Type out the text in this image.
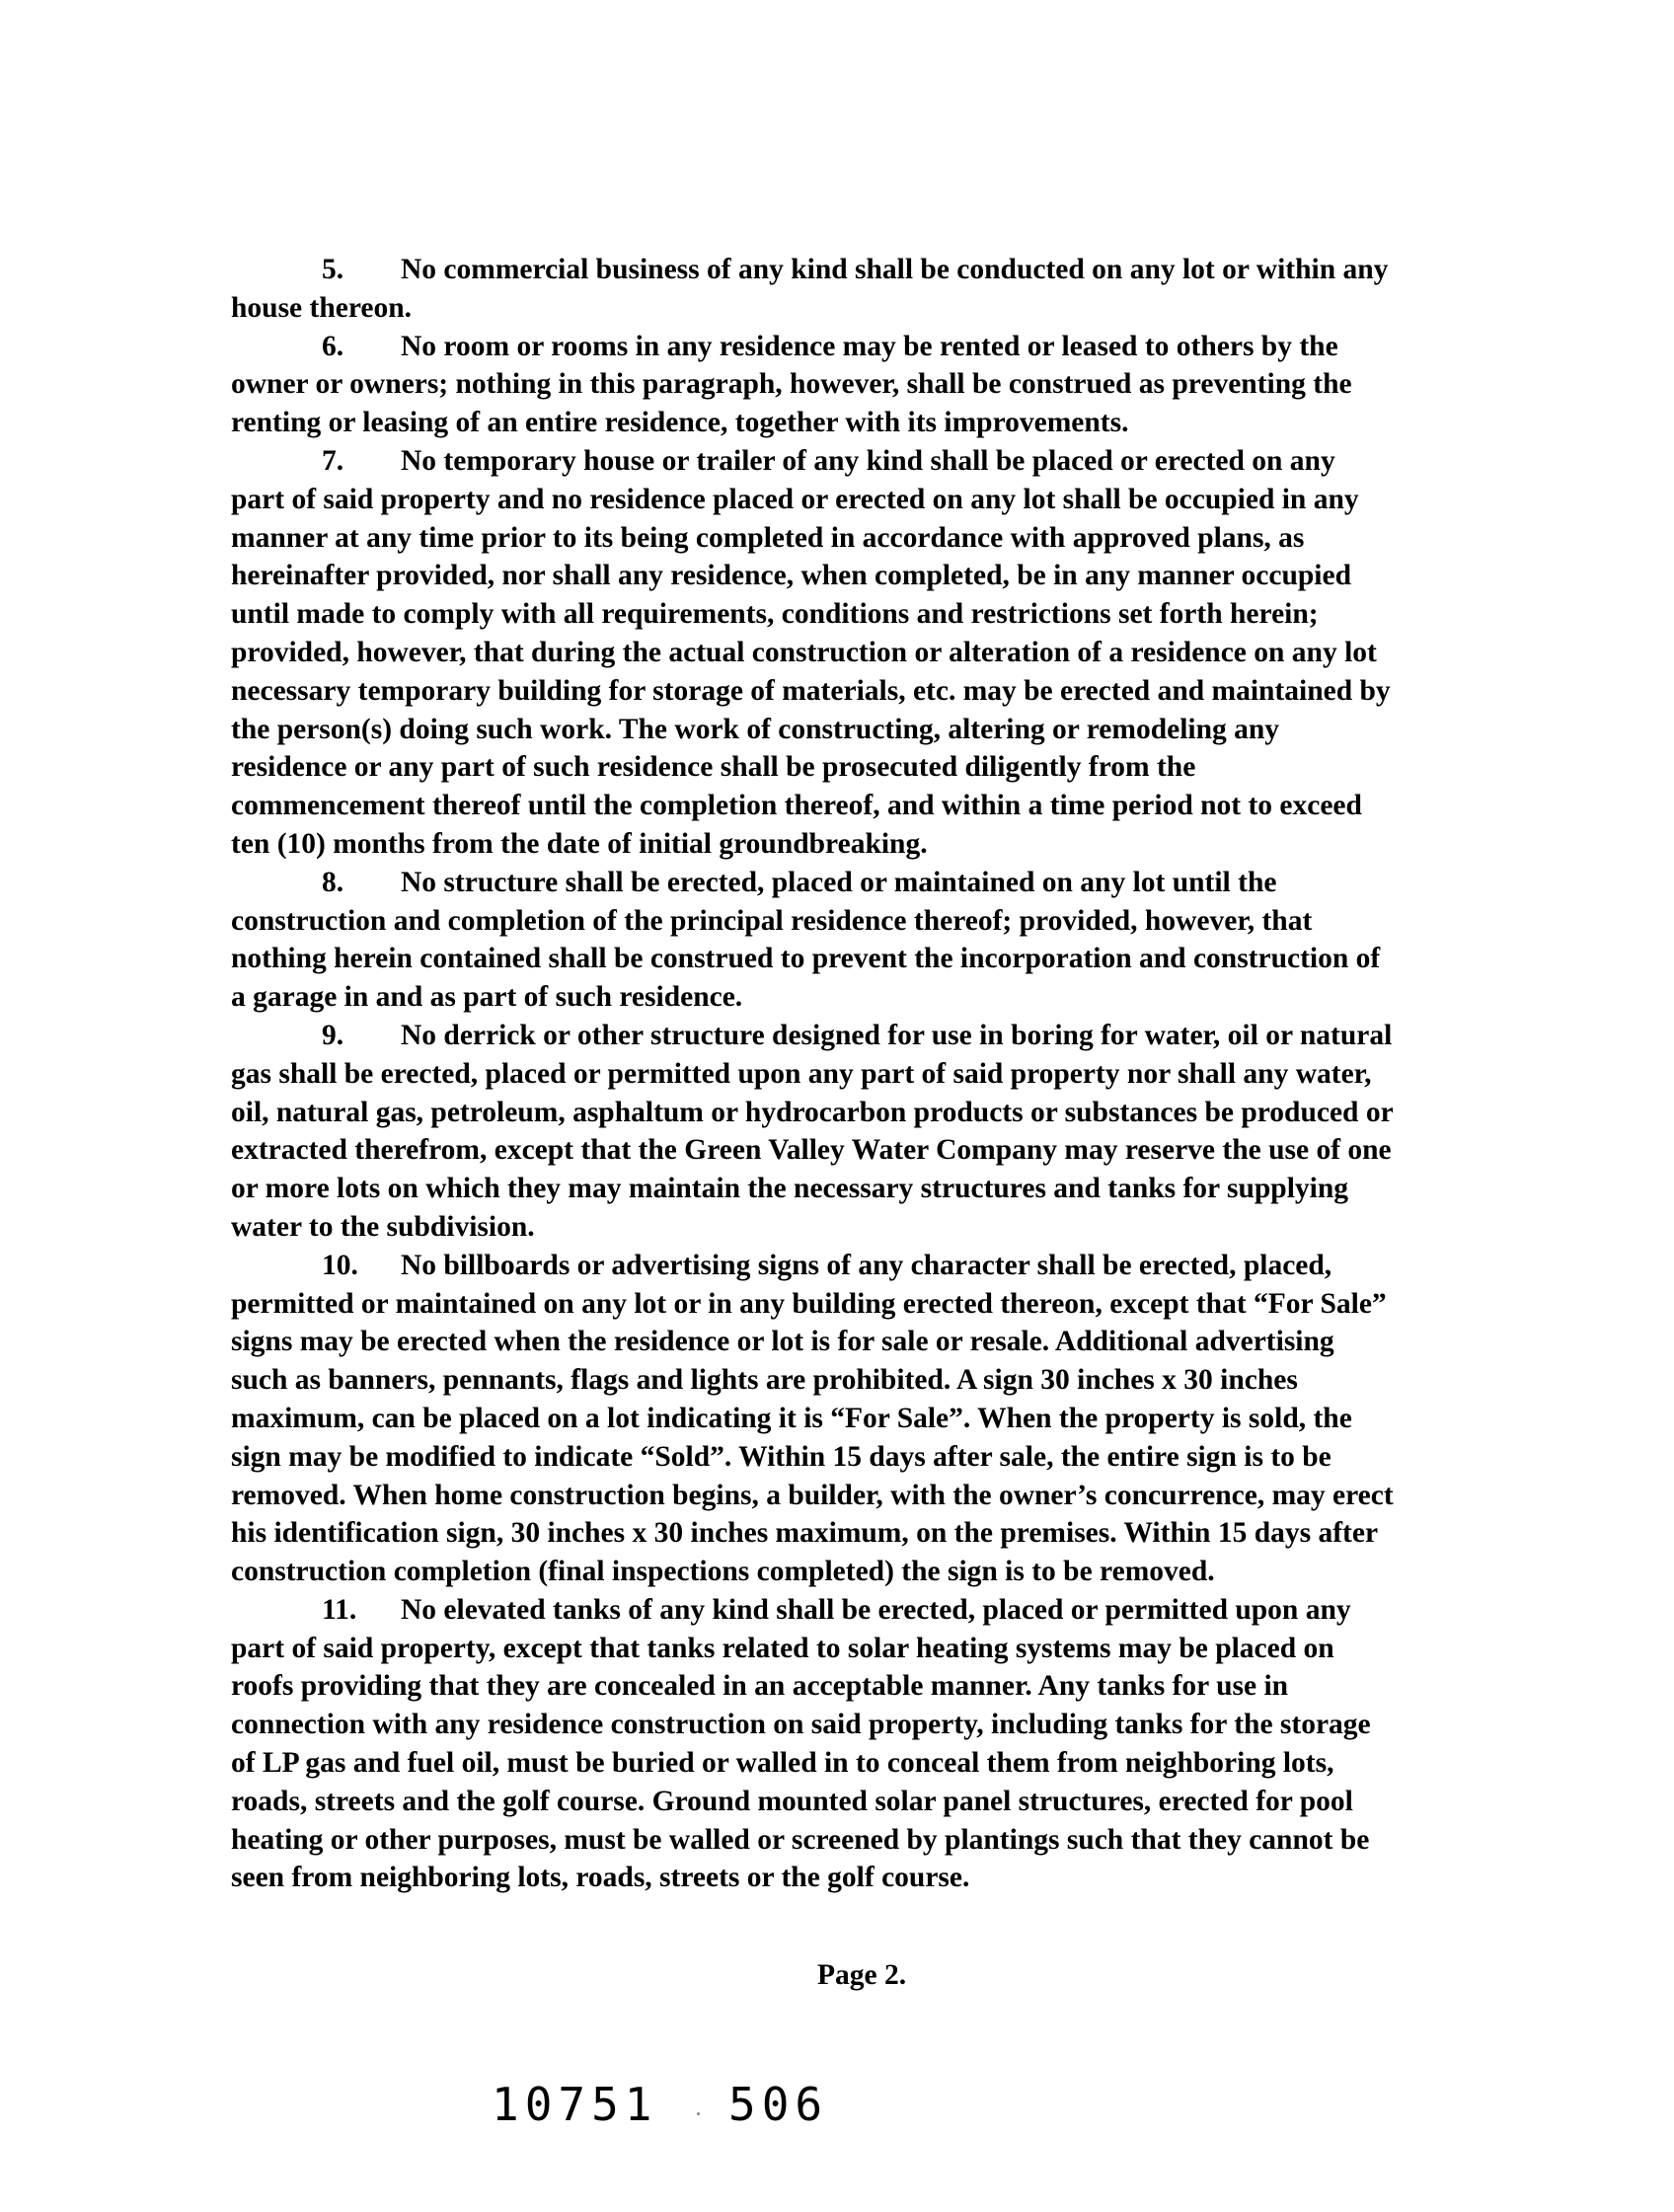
5. No commercial business of any kind shall be conducted on any lot or within any house thereon.

6. No room or rooms in any residence may be rented or leased to others by the owner or owners; nothing in this paragraph, however, shall be construed as preventing the renting or leasing of an entire residence, together with its improvements.

7. No temporary house or trailer of any kind shall be placed or erected on any part of said property and no residence placed or erected on any lot shall be occupied in any manner at any time prior to its being completed in accordance with approved plans, as hereinafter provided, nor shall any residence, when completed, be in any manner occupied until made to comply with all requirements, conditions and restrictions set forth herein; provided, however, that during the actual construction or alteration of a residence on any lot necessary temporary building for storage of materials, etc. may be erected and maintained by the person(s) doing such work. The work of constructing, altering or remodeling any residence or any part of such residence shall be prosecuted diligently from the commencement thereof until the completion thereof, and within a time period not to exceed ten (10) months from the date of initial groundbreaking.

8. No structure shall be erected, placed or maintained on any lot until the construction and completion of the principal residence thereof; provided, however, that nothing herein contained shall be construed to prevent the incorporation and construction of a garage in and as part of such residence.

9. No derrick or other structure designed for use in boring for water, oil or natural gas shall be erected, placed or permitted upon any part of said property nor shall any water, oil, natural gas, petroleum, asphaltum or hydrocarbon products or substances be produced or extracted therefrom, except that the Green Valley Water Company may reserve the use of one or more lots on which they may maintain the necessary structures and tanks for supplying water to the subdivision.

10. No billboards or advertising signs of any character shall be erected, placed, permitted or maintained on any lot or in any building erected thereon, except that “For Sale” signs may be erected when the residence or lot is for sale or resale. Additional advertising such as banners, pennants, flags and lights are prohibited. A sign 30 inches x 30 inches maximum, can be placed on a lot indicating it is “For Sale”. When the property is sold, the sign may be modified to indicate “Sold”. Within 15 days after sale, the entire sign is to be removed. When home construction begins, a builder, with the owner’s concurrence, may erect his identification sign, 30 inches x 30 inches maximum, on the premises. Within 15 days after construction completion (final inspections completed) the sign is to be removed.

11. No elevated tanks of any kind shall be erected, placed or permitted upon any part of said property, except that tanks related to solar heating systems may be placed on roofs providing that they are concealed in an acceptable manner. Any tanks for use in connection with any residence construction on said property, including tanks for the storage of LP gas and fuel oil, must be buried or walled in to conceal them from neighboring lots, roads, streets and the golf course. Ground mounted solar panel structures, erected for pool heating or other purposes, must be walled or screened by plantings such that they cannot be seen from neighboring lots, roads, streets or the golf course.

Page 2.
10751 506
